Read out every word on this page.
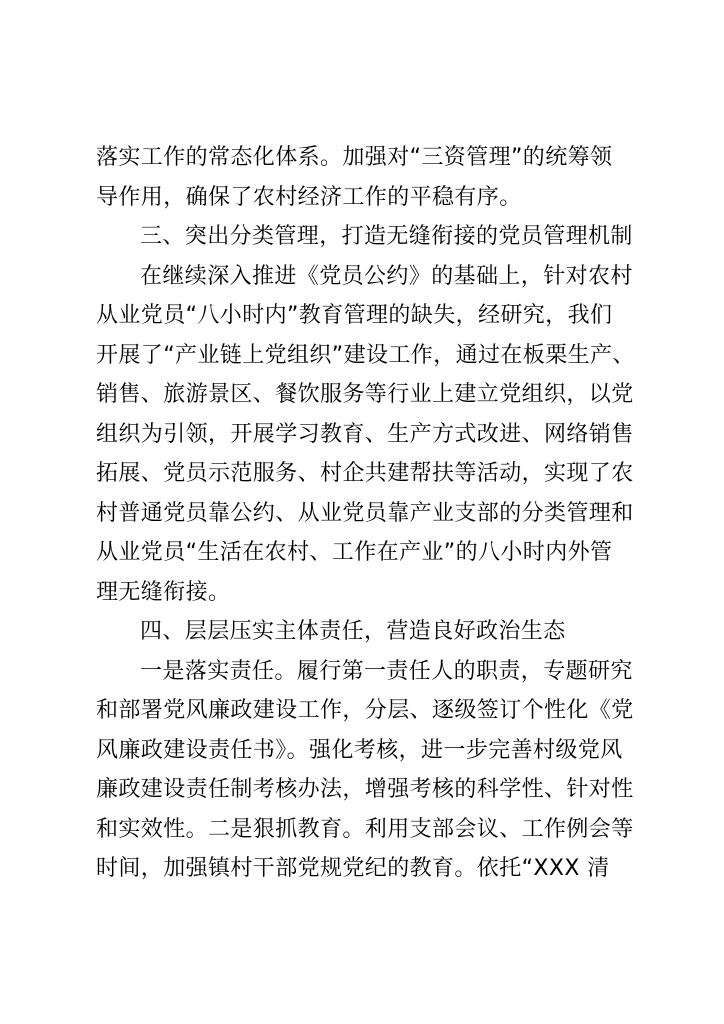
落实工作的常态化体系。加强对“三资管理”的统筹领
导作用，确保了农村经济工作的平稳有序。
三、突出分类管理，打造无缝衔接的党员管理机制
在继续深入推进《党员公约》的基础上，针对农村
从业党员“八小时内”教育管理的缺失，经研究，我们
开展了“产业链上党组织”建设工作，通过在板栗生产、
销售、旅游景区、餐饮服务等行业上建立党组织，以党
组织为引领，开展学习教育、生产方式改进、网络销售
拓展、党员示范服务、村企共建帮扶等活动，实现了农
村普通党员靠公约、从业党员靠产业支部的分类管理和
从业党员“生活在农村、工作在产业”的八小时内外管
理无缝衔接。
四、层层压实主体责任，营造良好政治生态
一是落实责任。履行第一责任人的职责，专题研究
和部署党风廉政建设工作，分层、逐级签订个性化《党
风廉政建设责任书》。强化考核，进一步完善村级党风
廉政建设责任制考核办法，增强考核的科学性、针对性
和实效性。二是狠抓教育。利用支部会议、工作例会等
时间，加强镇村干部党规党纪的教育。依托“XXX 清
